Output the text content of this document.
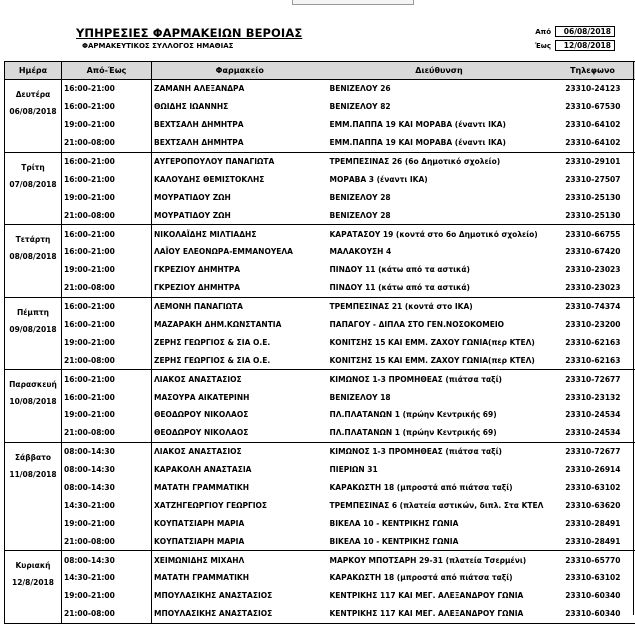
ΥΠΗΡΕΣΙΕΣ ΦΑΡΜΑΚΕΙΩΝ ΒΕΡΟΙΑΣ
ΦΑΡΜΑΚΕΥΤΙΚΟΣ ΣΥΛΛΟΓΟΣ ΗΜΑΘΙΑΣ
Από	06/08/2018
Έως	12/08/2018
Ημέρα	Από-Έως	Φαρμακείο	Διεύθυνση	Τηλεφωνο

Δευτέρα
06/08/2018	16:00-21:00	ΖΑΜΑΝΗ ΑΛΕΞΑΝΔΡΑ	ΒΕΝΙΖΕΛΟΥ 26	23310-24123
	16:00-21:00	ΘΩΙΔΗΣ ΙΩΑΝΝΗΣ	ΒΕΝΙΖΕΛΟΥ 82	23310-67530
	19:00-21:00	ΒΕΧΤΣΑΛΗ ΔΗΜΗΤΡΑ	ΕΜΜ.ΠΑΠΠΑ 19 ΚΑΙ ΜΟΡΑΒΑ (έναντι ΙΚΑ)	23310-64102
	21:00-08:00	ΒΕΧΤΣΑΛΗ ΔΗΜΗΤΡΑ	ΕΜΜ.ΠΑΠΠΑ 19 ΚΑΙ ΜΟΡΑΒΑ (έναντι ΙΚΑ)	23310-64102

Τρίτη
07/08/2018	16:00-21:00	ΑΥΓΕΡΟΠΟΥΛΟΥ ΠΑΝΑΓΙΩΤΑ	ΤΡΕΜΠΕΣΙΝΑΣ 26 (6ο Δημοτικό σχολείο)	23310-29101
	16:00-21:00	ΚΑΛΟΥΔΗΣ ΘΕΜΙΣΤΟΚΛΗΣ	ΜΟΡΑΒΑ 3 (έναντι ΙΚΑ)	23310-27507
	19:00-21:00	ΜΟΥΡΑΤΙΔΟΥ ΖΩΗ	ΒΕΝΙΖΕΛΟΥ 28	23310-25130
	21:00-08:00	ΜΟΥΡΑΤΙΔΟΥ ΖΩΗ	ΒΕΝΙΖΕΛΟΥ 28	23310-25130

Τετάρτη
08/08/2018	16:00-21:00	ΝΙΚΟΛΑΪΔΗΣ ΜΙΛΤΙΑΔΗΣ	ΚΑΡΑΤΑΣΟΥ 19 (κοντά στο 6ο Δημοτικό σχολείο)	23310-66755
	16:00-21:00	ΛΑΪΟΥ ΕΛΕΟΝΩΡΑ-ΕΜΜΑΝΟΥΕΛΑ	ΜΑΛΑΚΟΥΣΗ 4	23310-67420
	19:00-21:00	ΓΚΡΕΖΙΟΥ ΔΗΜΗΤΡΑ	ΠΙΝΔΟΥ 11 (κάτω από τα αστικά)	23310-23023
	21:00-08:00	ΓΚΡΕΖΙΟΥ ΔΗΜΗΤΡΑ	ΠΙΝΔΟΥ 11 (κάτω από τα αστικά)	23310-23023

Πέμπτη
09/08/2018	16:00-21:00	ΛΕΜΟΝΗ ΠΑΝΑΓΙΩΤΑ	ΤΡΕΜΠΕΣΙΝΑΣ 21 (κοντά στο ΙΚΑ)	23310-74374
	16:00-21:00	ΜΑΖΑΡΑΚΗ ΔΗΜ.ΚΩΝΣΤΑΝΤΙΑ	ΠΑΠΑΓΟΥ - ΔΙΠΛΑ ΣΤΟ ΓΕΝ.ΝΟΣΟΚΟΜΕΙΟ	23310-23200
	19:00-21:00	ΖΕΡΗΣ ΓΕΩΡΓΙΟΣ & ΣΙΑ Ο.Ε.	ΚΟΝΙΤΣΗΣ 15 ΚΑΙ ΕΜΜ. ΖΑΧΟΥ ΓΩΝΙΑ(περ ΚΤΕΛ)	23310-62163
	21:00-08:00	ΖΕΡΗΣ ΓΕΩΡΓΙΟΣ & ΣΙΑ Ο.Ε.	ΚΟΝΙΤΣΗΣ 15 ΚΑΙ ΕΜΜ. ΖΑΧΟΥ ΓΩΝΙΑ(περ ΚΤΕΛ)	23310-62163

Παρασκευή
10/08/2018	16:00-21:00	ΛΙΑΚΟΣ ΑΝΑΣΤΑΣΙΟΣ	ΚΙΜΩΝΟΣ 1-3 ΠΡΟΜΗΘΕΑΣ (πιάτσα ταξί)	23310-72677
	16:00-21:00	ΜΑΣΟΥΡΑ ΑΙΚΑΤΕΡΙΝΗ	ΒΕΝΙΖΕΛΟΥ 18	23310-23132
	19:00-21:00	ΘΕΟΔΩΡΟΥ ΝΙΚΟΛΑΟΣ	ΠΛ.ΠΛΑΤΑΝΩΝ 1 (πρώην Κεντρικής 69)	23310-24534
	21:00-08:00	ΘΕΟΔΩΡΟΥ ΝΙΚΟΛΑΟΣ	ΠΛ.ΠΛΑΤΑΝΩΝ 1 (πρώην Κεντρικής 69)	23310-24534

Σάββατο
11/08/2018	08:00-14:30	ΛΙΑΚΟΣ ΑΝΑΣΤΑΣΙΟΣ	ΚΙΜΩΝΟΣ 1-3 ΠΡΟΜΗΘΕΑΣ (πιάτσα ταξί)	23310-72677
	08:00-14:30	ΚΑΡΑΚΟΛΗ ΑΝΑΣΤΑΣΙΑ	ΠΙΕΡΙΩΝ 31	23310-26914
	08:00-14:30	ΜΑΤΑΤΗ ΓΡΑΜΜΑΤΙΚΗ	ΚΑΡΑΚΩΣΤΗ 18 (μπροστά από πιάτσα ταξί)	23310-63102
	14:30-21:00	ΧΑΤΖΗΓΕΩΡΓΙΟΥ ΓΕΩΡΓΙΟΣ	ΤΡΕΜΠΕΣΙΝΑΣ 6 (πλατεία αστικών, διπλ. Στα ΚΤΕΛ	23310-63620
	19:00-21:00	ΚΟΥΠΑΤΣΙΑΡΗ ΜΑΡΙΑ	ΒΙΚΕΛΑ 10 - ΚΕΝΤΡΙΚΗΣ ΓΩΝΙΑ	23310-28491
	21:00-08:00	ΚΟΥΠΑΤΣΙΑΡΗ ΜΑΡΙΑ	ΒΙΚΕΛΑ 10 - ΚΕΝΤΡΙΚΗΣ ΓΩΝΙΑ	23310-28491

Κυριακή
12/8/2018	08:00-14:30	ΧΕΙΜΩΝΙΔΗΣ ΜΙΧΑΗΛ	ΜΑΡΚΟΥ ΜΠΟΤΣΑΡΗ 29-31 (πλατεία Τσερμένι)	23310-65770
	14:30-21:00	ΜΑΤΑΤΗ ΓΡΑΜΜΑΤΙΚΗ	ΚΑΡΑΚΩΣΤΗ 18 (μπροστά από πιάτσα ταξί)	23310-63102
	19:00-21:00	ΜΠΟΥΛΑΣΙΚΗΣ ΑΝΑΣΤΑΣΙΟΣ	ΚΕΝΤΡΙΚΗΣ 117 ΚΑΙ ΜΕΓ. ΑΛΕΞΑΝΔΡΟΥ ΓΩΝΙΑ	23310-60340
	21:00-08:00	ΜΠΟΥΛΑΣΙΚΗΣ ΑΝΑΣΤΑΣΙΟΣ	ΚΕΝΤΡΙΚΗΣ 117 ΚΑΙ ΜΕΓ. ΑΛΕΞΑΝΔΡΟΥ ΓΩΝΙΑ	23310-60340
